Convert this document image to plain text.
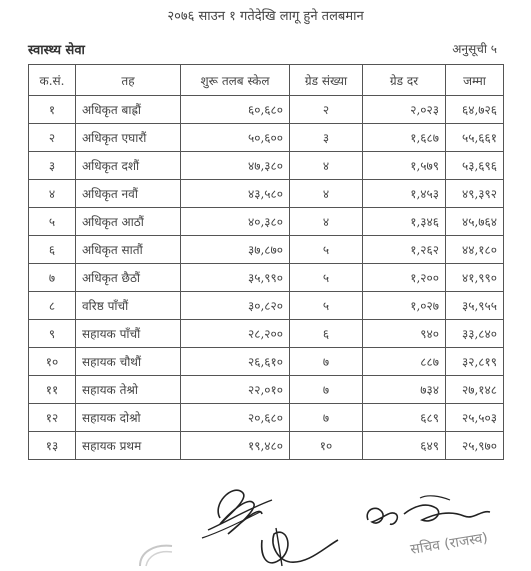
२०७६ साउन १ गतेदेखि लागू हुने तलबमान
स्वास्थ्य सेवा	अनुसूची ५
क.सं.	तह	शुरू तलब स्केल	ग्रेड संख्या	ग्रेड दर	जम्मा
१	अधिकृत बाह्रौं	६०,६८०	२	२,०२३	६४,७२६
२	अधिकृत एघारौं	५०,६००	३	१,६८७	५५,६६१
३	अधिकृत दशौं	४७,३८०	४	१,५७९	५३,६९६
४	अधिकृत नवौं	४३,५८०	४	१,४५३	४९,३९२
५	अधिकृत आठौं	४०,३८०	४	१,३४६	४५,७६४
६	अधिकृत सातौं	३७,८७०	५	१,२६२	४४,१८०
७	अधिकृत छैठौं	३५,९९०	५	१,२००	४१,९९०
८	वरिष्ठ पाँचौं	३०,८२०	५	१,०२७	३५,९५५
९	सहायक पाँचौं	२८,२००	६	९४०	३३,८४०
१०	सहायक चौथौं	२६,६१०	७	८८७	३२,८१९
११	सहायक तेश्रो	२२,०१०	७	७३४	२७,१४८
१२	सहायक दोश्रो	२०,६८०	७	६८९	२५,५०३
१३	सहायक प्रथम	१९,४८०	१०	६४९	२५,९७०
सचिव (राजस्व)
